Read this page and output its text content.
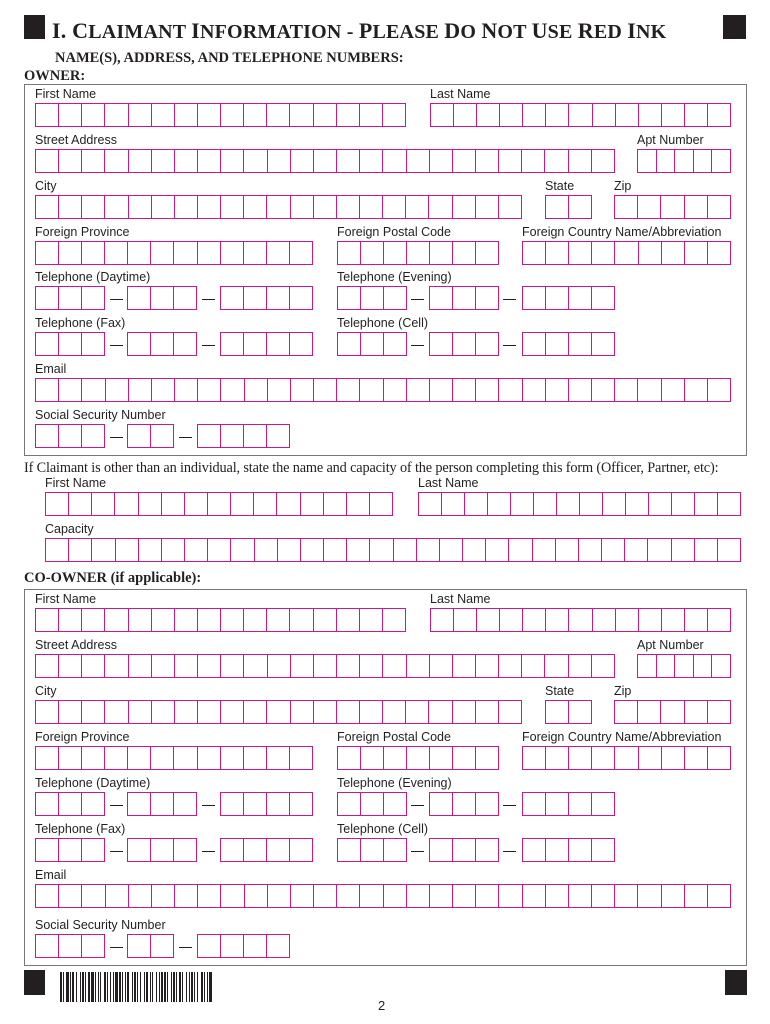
I. CLAIMANT INFORMATION - PLEASE DO NOT USE RED INK
NAME(S), ADDRESS, AND TELEPHONE NUMBERS:
OWNER:
First Name	Last Name
Street Address	Apt Number
City	State	Zip
Foreign Province	Foreign Postal Code	Foreign Country Name/Abbreviation
Telephone (Daytime)	Telephone (Evening)
Telephone (Fax)	Telephone (Cell)
Email
Social Security Number
If Claimant is other than an individual, state the name and capacity of the person completing this form (Officer, Partner, etc):
First Name	Last Name
Capacity
CO-OWNER (if applicable):
First Name	Last Name
Street Address	Apt Number
City	State	Zip
Foreign Province	Foreign Postal Code	Foreign Country Name/Abbreviation
Telephone (Daytime)	Telephone (Evening)
Telephone (Fax)	Telephone (Cell)
Email
Social Security Number
2
